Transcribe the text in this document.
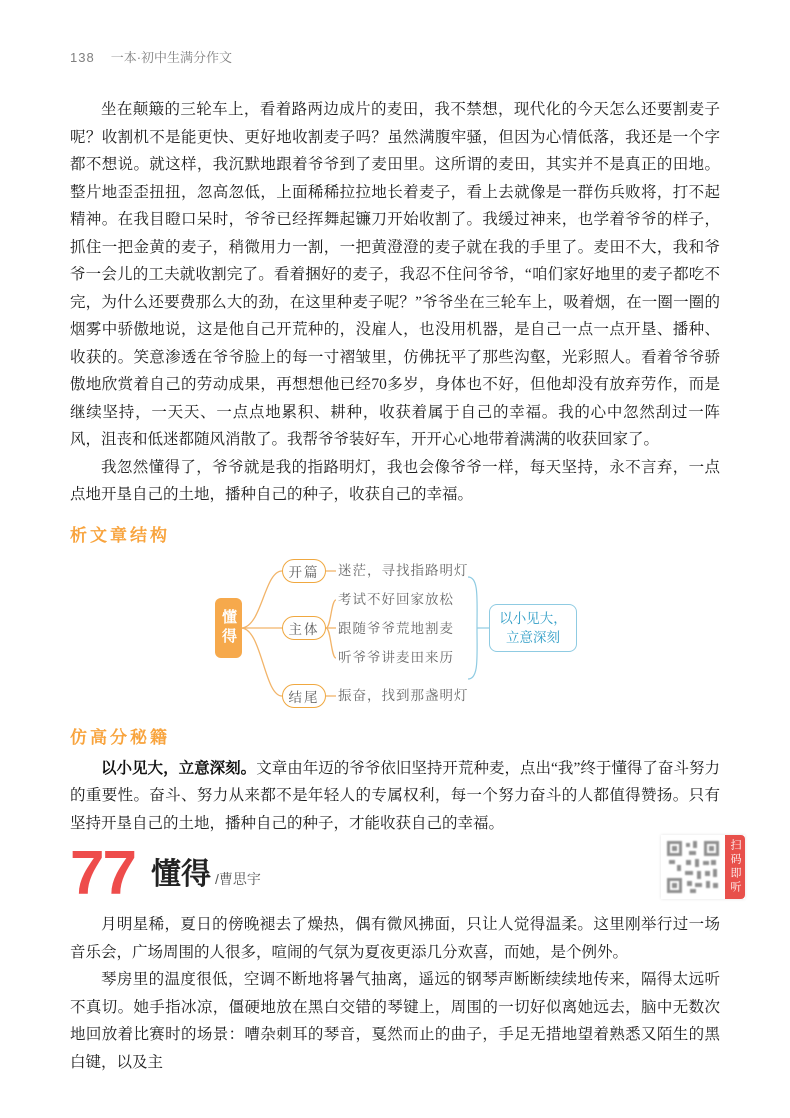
138 一本·初中生满分作文

坐在颠簸的三轮车上，看着路两边成片的麦田，我不禁想，现代化的今天怎么还要割麦子呢？收割机不是能更快、更好地收割麦子吗？虽然满腹牢骚，但因为心情低落，我还是一个字都不想说。就这样，我沉默地跟着爷爷到了麦田里。这所谓的麦田，其实并不是真正的田地。整片地歪歪扭扭，忽高忽低，上面稀稀拉拉地长着麦子，看上去就像是一群伤兵败将，打不起精神。在我目瞪口呆时，爷爷已经挥舞起镰刀开始收割了。我缓过神来，也学着爷爷的样子，抓住一把金黄的麦子，稍微用力一割，一把黄澄澄的麦子就在我的手里了。麦田不大，我和爷爷一会儿的工夫就收割完了。看着捆好的麦子，我忍不住问爷爷，“咱们家好地里的麦子都吃不完，为什么还要费那么大的劲，在这里种麦子呢？”爷爷坐在三轮车上，吸着烟，在一圈一圈的烟雾中骄傲地说，这是他自己开荒种的，没雇人，也没用机器，是自己一点一点开垦、播种、收获的。笑意渗透在爷爷脸上的每一寸褶皱里，仿佛抚平了那些沟壑，光彩照人。看着爷爷骄傲地欣赏着自己的劳动成果，再想想他已经70多岁，身体也不好，但他却没有放弃劳作，而是继续坚持，一天天、一点点地累积、耕种，收获着属于自己的幸福。我的心中忽然刮过一阵风，沮丧和低迷都随风消散了。我帮爷爷装好车，开开心心地带着满满的收获回家了。

我忽然懂得了，爷爷就是我的指路明灯，我也会像爷爷一样，每天坚持，永不言弃，一点点地开垦自己的土地，播种自己的种子，收获自己的幸福。

析文章结构
懂得
开篇
主体
结尾
迷茫，寻找指路明灯
考试不好回家放松
跟随爷爷荒地割麦
听爷爷讲麦田来历
振奋，找到那盏明灯
以小见大，
立意深刻
仿高分秘籍

以小见大，立意深刻。文章由年迈的爷爷依旧坚持开荒种麦，点出“我”终于懂得了奋斗努力的重要性。奋斗、努力从来都不是年轻人的专属权利，每一个努力奋斗的人都值得赞扬。只有坚持开垦自己的土地，播种自己的种子，才能收获自己的幸福。

77 懂得 /曹思宇	扫码即听

月明星稀，夏日的傍晚褪去了燥热，偶有微风拂面，只让人觉得温柔。这里刚举行过一场音乐会，广场周围的人很多，喧闹的气氛为夏夜更添几分欢喜，而她，是个例外。

琴房里的温度很低，空调不断地将暑气抽离，遥远的钢琴声断断续续地传来，隔得太远听不真切。她手指冰凉，僵硬地放在黑白交错的琴键上，周围的一切好似离她远去，脑中无数次地回放着比赛时的场景：嘈杂刺耳的琴音，戛然而止的曲子，手足无措地望着熟悉又陌生的黑白键，以及主
